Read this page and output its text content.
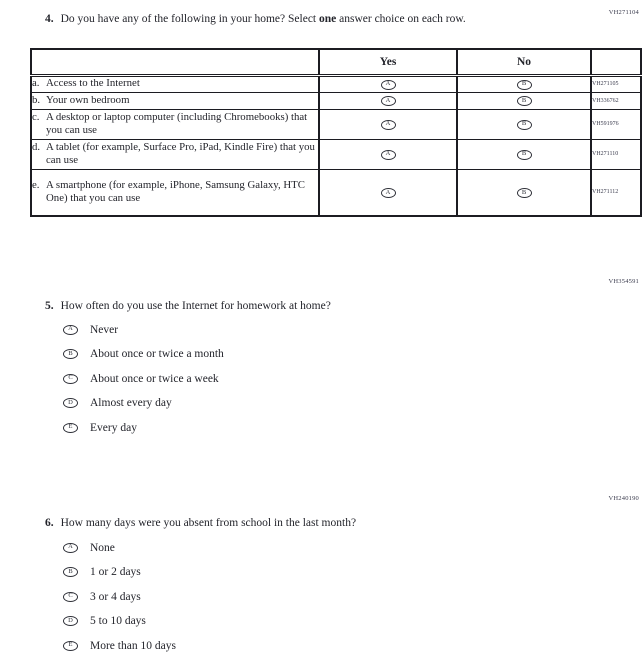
VH271104
VH354591
VH240190
4. Do you have any of the following in your home? Select one answer choice on each row.
	Yes	No	

a. Access to the Internet	A	B	VH271105

b. Your own bedroom	A	B	VH336762

c. A desktop or laptop computer (including Chromebooks) that you can use	A	B	VH591976

d. A tablet (for example, Surface Pro, iPad, Kindle Fire) that you can use	A	B	VH271110

e. A smartphone (for example, iPhone, Samsung Galaxy, HTC One) that you can use	A	B	VH271112
5. How often do you use the Internet for homework at home?
A Never
B About once or twice a month
C About once or twice a week
D Almost every day
E Every day
6. How many days were you absent from school in the last month?
A None
B 1 or 2 days
C 3 or 4 days
D 5 to 10 days
E More than 10 days
